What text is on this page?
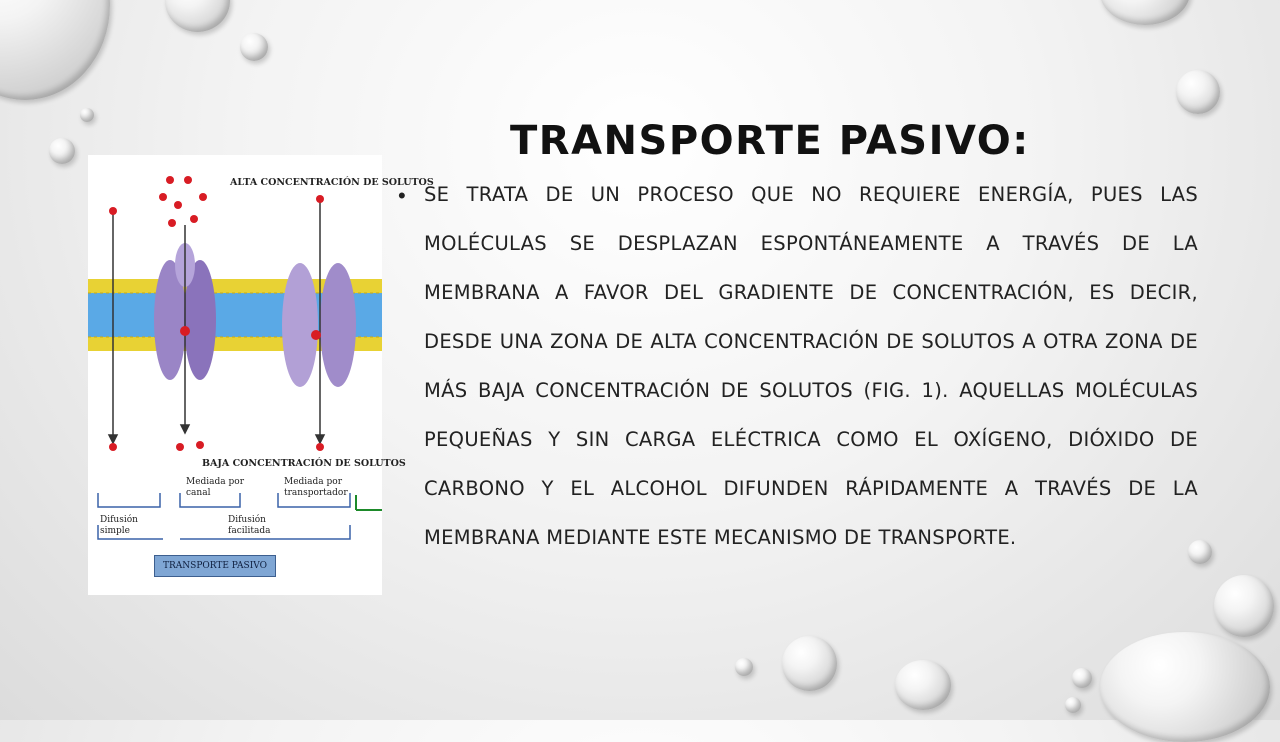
TRANSPORTE PASIVO:
• SE TRATA DE UN PROCESO QUE NO REQUIERE ENERGÍA, PUES LAS MOLÉCULAS SE DESPLAZAN ESPONTÁNEAMENTE A TRAVÉS DE LA MEMBRANA A FAVOR DEL GRADIENTE DE CONCENTRACIÓN, ES DECIR, DESDE UNA ZONA DE ALTA CONCENTRACIÓN DE SOLUTOS A OTRA ZONA DE MÁS BAJA CONCENTRACIÓN DE SOLUTOS (FIG. 1). AQUELLAS MOLÉCULAS PEQUEÑAS Y SIN CARGA ELÉCTRICA COMO EL OXÍGENO, DIÓXIDO DE CARBONO Y EL ALCOHOL DIFUNDEN RÁPIDAMENTE A TRAVÉS DE LA MEMBRANA MEDIANTE ESTE MECANISMO DE TRANSPORTE.

ALTA CONCENTRACIÓN DE SOLUTOS
BAJA CONCENTRACIÓN DE SOLUTOS
Mediada por
canal
Mediada por
transportador
Difusión
simple
Difusión
facilitada
TRANSPORTE PASIVO
